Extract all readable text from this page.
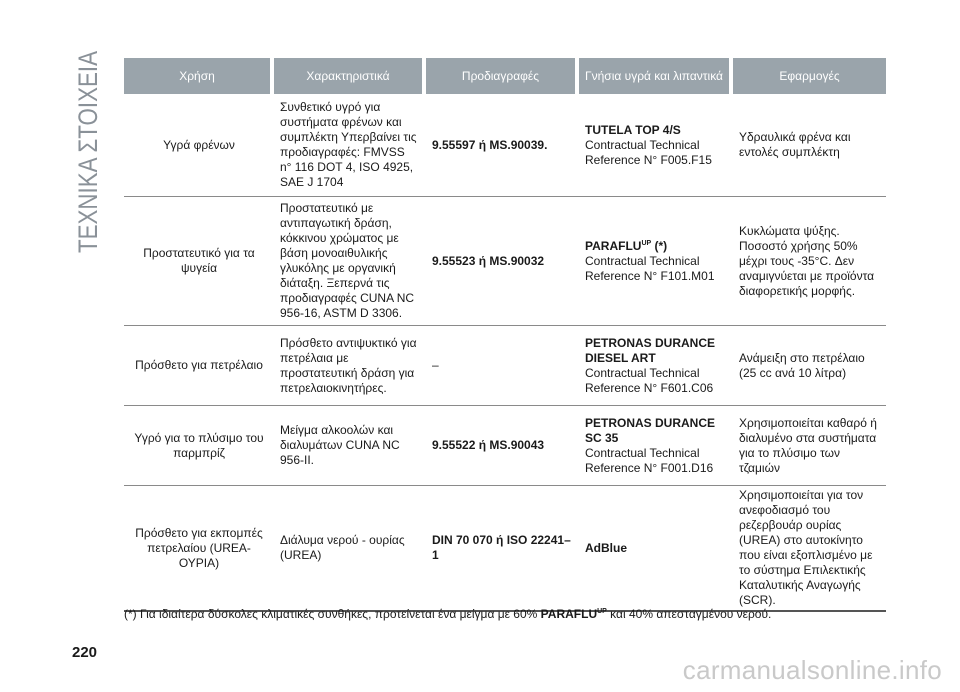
ΤΕΧΝΙΚΑ ΣΤΟΙΧΕΙΑ	Χρήση	Χαρακτηριστικά	Προδιαγραφές	Γνήσια υγρά και λιπαντικά	Εφαρμογές
Υγρά φρένων	Συνθετικό υγρό για συστήματα φρένων και συμπλέκτη Υπερβαίνει τις προδιαγραφές: FMVSS n° 116 DOT 4, ISO 4925, SAE J 1704	9.55597 ή MS.90039.	TUTELA TOP 4/S
Contractual Technical
Reference N° F005.F15	Υδραυλικά φρένα και εντολές συμπλέκτη
Προστατευτικό για τα ψυγεία	Προστατευτικό με αντιπαγωτική δράση, κόκκινου χρώματος με βάση μονοαιθυλικής γλυκόλης με οργανική διάταξη. Ξεπερνά τις προδιαγραφές CUNA NC 956-16, ASTM D 3306.	9.55523 ή MS.90032	$PARAFLU^{UP}$ (*)
Contractual Technical
Reference N° F101.M01	Κυκλώματα ψύξης. Ποσοστό χρήσης 50% μέχρι τους -35°C. Δεν αναμιγνύεται με προϊόντα διαφορετικής μορφής.
Πρόσθετο για πετρέλαιο	Πρόσθετο αντιψυκτικό για πετρέλαια με προστατευτική δράση για πετρελαιοκινητήρες.	–	PETRONAS DURANCE DIESEL ART
Contractual Technical
Reference N° F601.C06	Ανάμειξη στο πετρέλαιο (25 cc ανά 10 λίτρα)
Υγρό για το πλύσιμο του παρμπρίζ	Μείγμα αλκοολών και διαλυμάτων CUNA NC 956-II.	9.55522 ή MS.90043	PETRONAS DURANCE SC 35
Contractual Technical
Reference N° F001.D16	Χρησιμοποιείται καθαρό ή διαλυμένο στα συστήματα για το πλύσιμο των τζαμιών
Πρόσθετο για εκπομπές πετρελαίου (UREA-ΟΥΡΙΑ)	Διάλυμα νερού - ουρίας (UREA)	DIN 70 070 ή ISO 22241–1	AdBlue	Χρησιμοποιείται για τον ανεφοδιασμό του ρεζερβουάρ ουρίας (UREA) στο αυτοκίνητο που είναι εξοπλισμένο με το σύστημα Επιλεκτικής Καταλυτικής Αναγωγής (SCR).
(*) Για ιδιαίτερα δύσκολες κλιματικές συνθήκες, προτείνεται ένα μείγμα με 60% $PARAFLU^{UP}$ και 40% απεσταγμένου νερού.
220
carmanualsonline.info
